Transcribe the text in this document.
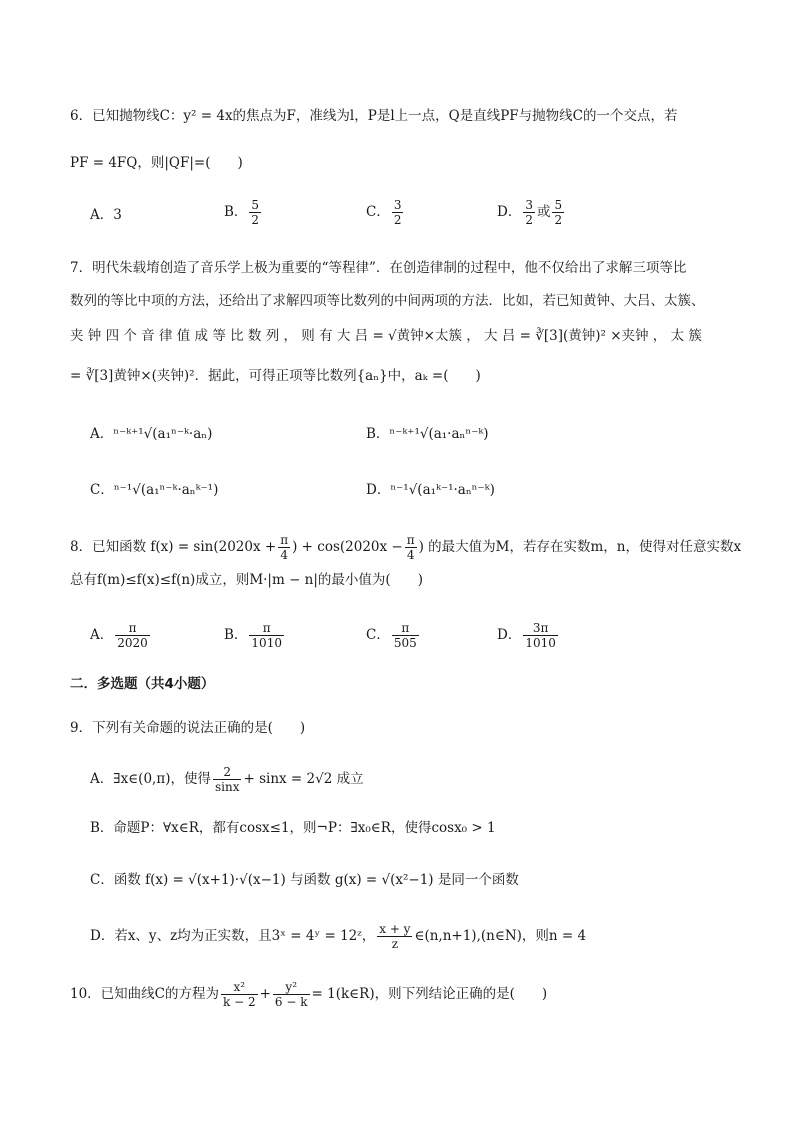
6．已知抛物线C：y² = 4x的焦点为F，准线为l，P是l上一点，Q是直线PF与抛物线C的一个交点，若
PF = 4FQ，则|QF|=(　　)
A．3	B． $\frac{5}{2}$	C． $\frac{3}{2}$	D． $\frac{3}{2}$ 或 $\frac{5}{2}$
7．明代朱载堉创造了音乐学上极为重要的“等程律”．在创造律制的过程中，他不仅给出了求解三项等比
数列的等比中项的方法，还给出了求解四项等比数列的中间两项的方法．比如，若已知黄钟、大吕、太簇、
夹 钟 四 个 音 律 值 成 等 比 数 列 ， 则 有 大 吕 = √黄钟×太簇 ， 大 吕 = ∛[3](黄钟)² ×夹钟 ， 太 簇
= ∛[3]黄钟×(夹钟)²．据此，可得正项等比数列{aₙ}中，aₖ =(　　)
A．ⁿ⁻ᵏ⁺¹√(a₁ⁿ⁻ᵏ·aₙ)	B．ⁿ⁻ᵏ⁺¹√(a₁·aₙⁿ⁻ᵏ)
C．ⁿ⁻¹√(a₁ⁿ⁻ᵏ·aₙᵏ⁻¹)	D．ⁿ⁻¹√(a₁ᵏ⁻¹·aₙⁿ⁻ᵏ)
8．已知函数 $f(x) = \sin(2020x + \frac{\pi}{4}$ ) + $\cos(2020x - \frac{\pi}{4}$ ) 的最大值为M，若存在实数m，n，使得对任意实数x
总有f(m)≤f(x)≤f(n)成立，则M·|m − n|的最小值为(　　)
A． $\frac{\pi}{2020}$	B． $\frac{\pi}{1010}$	C． $\frac{\pi}{505}$	D． $\frac{3\pi}{1010}$
二．多选题（共4小题）
9．下列有关命题的说法正确的是(　　)
A．∃x∈(0,π)，使得 $\frac{2}{\sin x} + \sin x = 2√2$ 成立
B．命题P：∀x∈R，都有cosx≤1，则¬P：∃x₀∈R，使得cosx₀ > 1
C．函数 f(x) = √(x+1)·√(x−1) 与函数 g(x) = √(x²−1) 是同一个函数
D．若x、y、z均为正实数，且3ˣ = 4ʸ = 12ᶻ， $\frac{x + y}{z}$ ∈(n,n+1),(n∈N)，则n = 4
10．已知曲线C的方程为 $\frac{\text{x²}}{k - 2} + \frac{\text{y²}}{6 - k}$ = 1(k∈R)，则下列结论正确的是(　　)
